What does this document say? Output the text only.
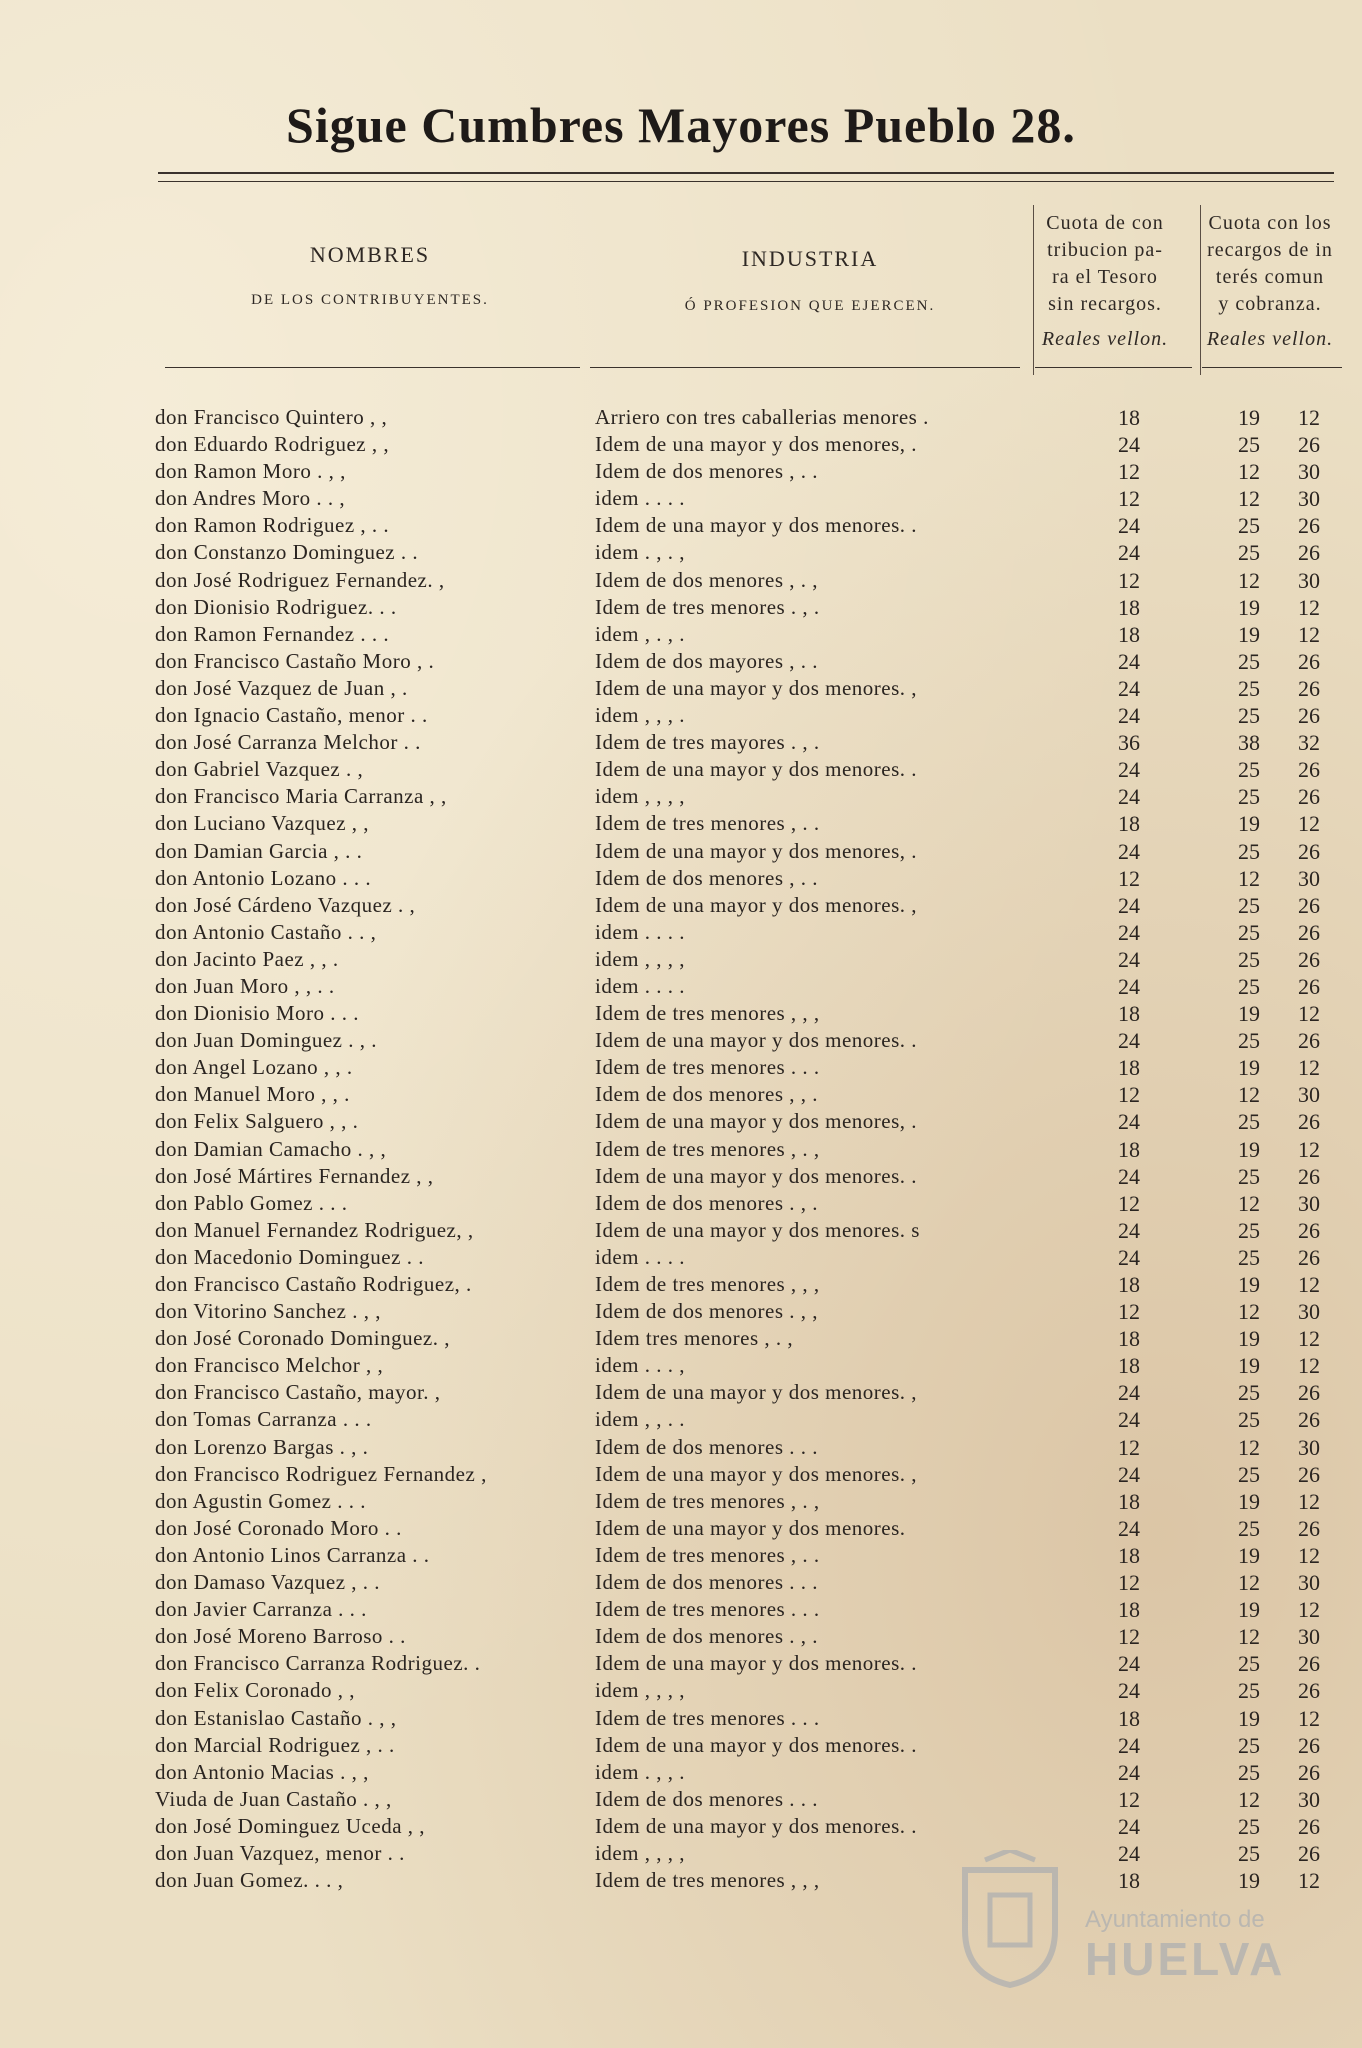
Sigue Cumbres Mayores Pueblo 28.
NOMBRES
DE LOS CONTRIBUYENTES.
INDUSTRIA
Ó PROFESION QUE EJERCEN.
Cuota de con
tribucion pa-
ra el Tesoro
sin recargos.
Reales vellon.
Cuota con los
recargos de in
terés comun
y cobranza.
Reales vellon.
don Francisco Quintero , ,	Arriero con tres caballerias menores .	18	19	12
don Eduardo Rodriguez , ,	Idem de una mayor y dos menores, .	24	25	26
don Ramon Moro . , ,	Idem de dos menores , . .	12	12	30
don Andres Moro . . ,	idem . . . .	12	12	30
don Ramon Rodriguez , . .	Idem de una mayor y dos menores. .	24	25	26
don Constanzo Dominguez . .	idem . , . ,	24	25	26
don José Rodriguez Fernandez. ,	Idem de dos menores , . ,	12	12	30
don Dionisio Rodriguez. . .	Idem de tres menores . , .	18	19	12
don Ramon Fernandez . . .	idem , . , .	18	19	12
don Francisco Castaño Moro , .	Idem de dos mayores , . .	24	25	26
don José Vazquez de Juan , .	Idem de una mayor y dos menores. ,	24	25	26
don Ignacio Castaño, menor . .	idem , , , .	24	25	26
don José Carranza Melchor . .	Idem de tres mayores . , .	36	38	32
don Gabriel Vazquez . ,	Idem de una mayor y dos menores. .	24	25	26
don Francisco Maria Carranza , ,	idem , , , ,	24	25	26
don Luciano Vazquez , ,	Idem de tres menores , . .	18	19	12
don Damian Garcia , . .	Idem de una mayor y dos menores, .	24	25	26
don Antonio Lozano . . .	Idem de dos menores , . .	12	12	30
don José Cárdeno Vazquez . ,	Idem de una mayor y dos menores. ,	24	25	26
don Antonio Castaño . . ,	idem . . . .	24	25	26
don Jacinto Paez , , .	idem , , , ,	24	25	26
don Juan Moro , , . .	idem . . . .	24	25	26
don Dionisio Moro . . .	Idem de tres menores , , ,	18	19	12
don Juan Dominguez . , .	Idem de una mayor y dos menores. .	24	25	26
don Angel Lozano , , .	Idem de tres menores . . .	18	19	12
don Manuel Moro , , .	Idem de dos menores , , .	12	12	30
don Felix Salguero , , .	Idem de una mayor y dos menores, .	24	25	26
don Damian Camacho . , ,	Idem de tres menores , . ,	18	19	12
don José Mártires Fernandez , ,	Idem de una mayor y dos menores. .	24	25	26
don Pablo Gomez . . .	Idem de dos menores . , .	12	12	30
don Manuel Fernandez Rodriguez, ,	Idem de una mayor y dos menores. s	24	25	26
don Macedonio Dominguez . .	idem . . . .	24	25	26
don Francisco Castaño Rodriguez, .	Idem de tres menores , , ,	18	19	12
don Vitorino Sanchez . , ,	Idem de dos menores . , ,	12	12	30
don José Coronado Dominguez. ,	Idem tres menores , . ,	18	19	12
don Francisco Melchor , ,	idem . . . ,	18	19	12
don Francisco Castaño, mayor. ,	Idem de una mayor y dos menores. ,	24	25	26
don Tomas Carranza . . .	idem , , . .	24	25	26
don Lorenzo Bargas . , .	Idem de dos menores . . .	12	12	30
don Francisco Rodriguez Fernandez ,	Idem de una mayor y dos menores. ,	24	25	26
don Agustin Gomez . . .	Idem de tres menores , . ,	18	19	12
don José Coronado Moro . .	Idem de una mayor y dos menores.	24	25	26
don Antonio Linos Carranza . .	Idem de tres menores , . .	18	19	12
don Damaso Vazquez , . .	Idem de dos menores . . .	12	12	30
don Javier Carranza . . .	Idem de tres menores . . .	18	19	12
don José Moreno Barroso . .	Idem de dos menores . , .	12	12	30
don Francisco Carranza Rodriguez. .	Idem de una mayor y dos menores. .	24	25	26
don Felix Coronado , ,	idem , , , ,	24	25	26
don Estanislao Castaño . , ,	Idem de tres menores . . .	18	19	12
don Marcial Rodriguez , . .	Idem de una mayor y dos menores. .	24	25	26
don Antonio Macias . , ,	idem . , , .	24	25	26
Viuda de Juan Castaño . , ,	Idem de dos menores . . .	12	12	30
don José Dominguez Uceda , ,	Idem de una mayor y dos menores. .	24	25	26
don Juan Vazquez, menor . .	idem , , , ,	24	25	26
don Juan Gomez. . . ,	Idem de tres menores , , ,	18	19	12
Ayuntamiento de
HUELVA
